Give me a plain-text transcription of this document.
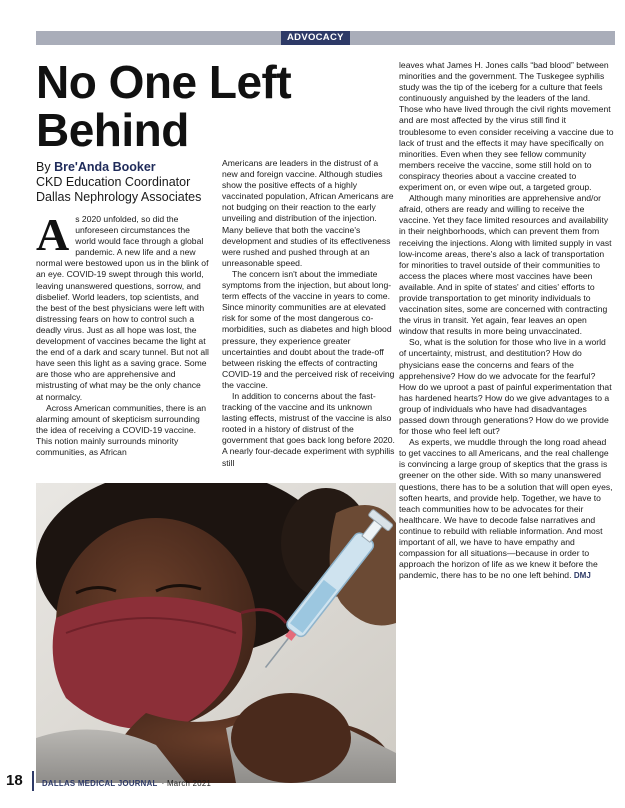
ADVOCACY
No One Left Behind
By Bre'Anda Booker
CKD Education Coordinator
Dallas Nephrology Associates

As 2020 unfolded, so did the unforeseen circumstances the world would face through a global pandemic. A new life and a new normal were bestowed upon us in the blink of an eye. COVID-19 swept through this world, leaving unanswered questions, sorrow, and disbelief. World leaders, top scientists, and the best of the best physicians were left with distressing fears on how to control such a deadly virus. Just as all hope was lost, the development of vaccines became the light at the end of a dark and scary tunnel. But not all have seen this light as a saving grace. Some are those who are apprehensive and mistrusting of what may be the only chance at normalcy.

Across American communities, there is an alarming amount of skepticism surrounding the idea of receiving a COVID-19 vaccine. This notion mainly surrounds minority communities, as African

Americans are leaders in the distrust of a new and foreign vaccine. Although studies show the positive effects of a highly vaccinated population, African Americans are not budging on their reaction to the early unveiling and distribution of the injection. Many believe that both the vaccine's development and studies of its effectiveness were rushed and pushed through at an unreasonable speed.

The concern isn't about the immediate symptoms from the injection, but about long-term effects of the vaccine in years to come. Since minority communities are at elevated risk for some of the most dangerous co-morbidities, such as diabetes and high blood pressure, they experience greater uncertainties and doubt about the trade-off between risking the effects of contracting COVID-19 and the perceived risk of receiving the vaccine.

In addition to concerns about the fast-tracking of the vaccine and its unknown lasting effects, mistrust of the vaccine is also rooted in a history of distrust of the government that goes back long before 2020. A nearly four-decade experiment with syphilis still

leaves what James H. Jones calls “bad blood” between minorities and the government. The Tuskegee syphilis study was the tip of the iceberg for a culture that feels continuously anguished by the leaders of the land. Those who have lived through the civil rights movement and are most affected by the virus still find it troublesome to even consider receiving a vaccine due to lack of trust and the effects it may have specifically on minorities. Even when they see fellow community members receive the vaccine, some still hold on to conspiracy theories about a vaccine created to experiment on, or even wipe out, a targeted group.

Although many minorities are apprehensive and/or afraid, others are ready and willing to receive the vaccine. Yet they face limited resources and availability in their neighborhoods, which can prevent them from receiving the injections. Along with limited supply in vast low-income areas, there's also a lack of transportation for minorities to travel outside of their communities to access the places where most vaccines have been available. And in spite of states' and cities' efforts to provide transportation to get minority individuals to vaccination sites, some are concerned with contracting the virus in transit. Yet again, fear leaves an open window that results in more being unvaccinated.

So, what is the solution for those who live in a world of uncertainty, mistrust, and destitution? How do physicians ease the concerns and fears of the apprehensive? How do we advocate for the fearful? How do we uproot a past of painful experimentation that has hardened hearts? How do we give advantages to a group of individuals who have had disadvantages passed down through generations? How do we provide for those who feel left out?

As experts, we muddle through the long road ahead to get vaccines to all Americans, and the real challenge is convincing a large group of skeptics that the grass is greener on the other side. With so many unanswered questions, there has to be a solution that will open eyes, soften hearts, and provide help. Together, we have to teach communities how to be advocates for their healthcare. We have to decode false narratives and continue to rebuild with reliable information. And most important of all, we have to have empathy and compassion for all situations—because in order to approach the horizon of life as we knew it before the pandemic, there has to be no one left behind. DMJ

18 DALLAS MEDICAL JOURNAL · March 2021
